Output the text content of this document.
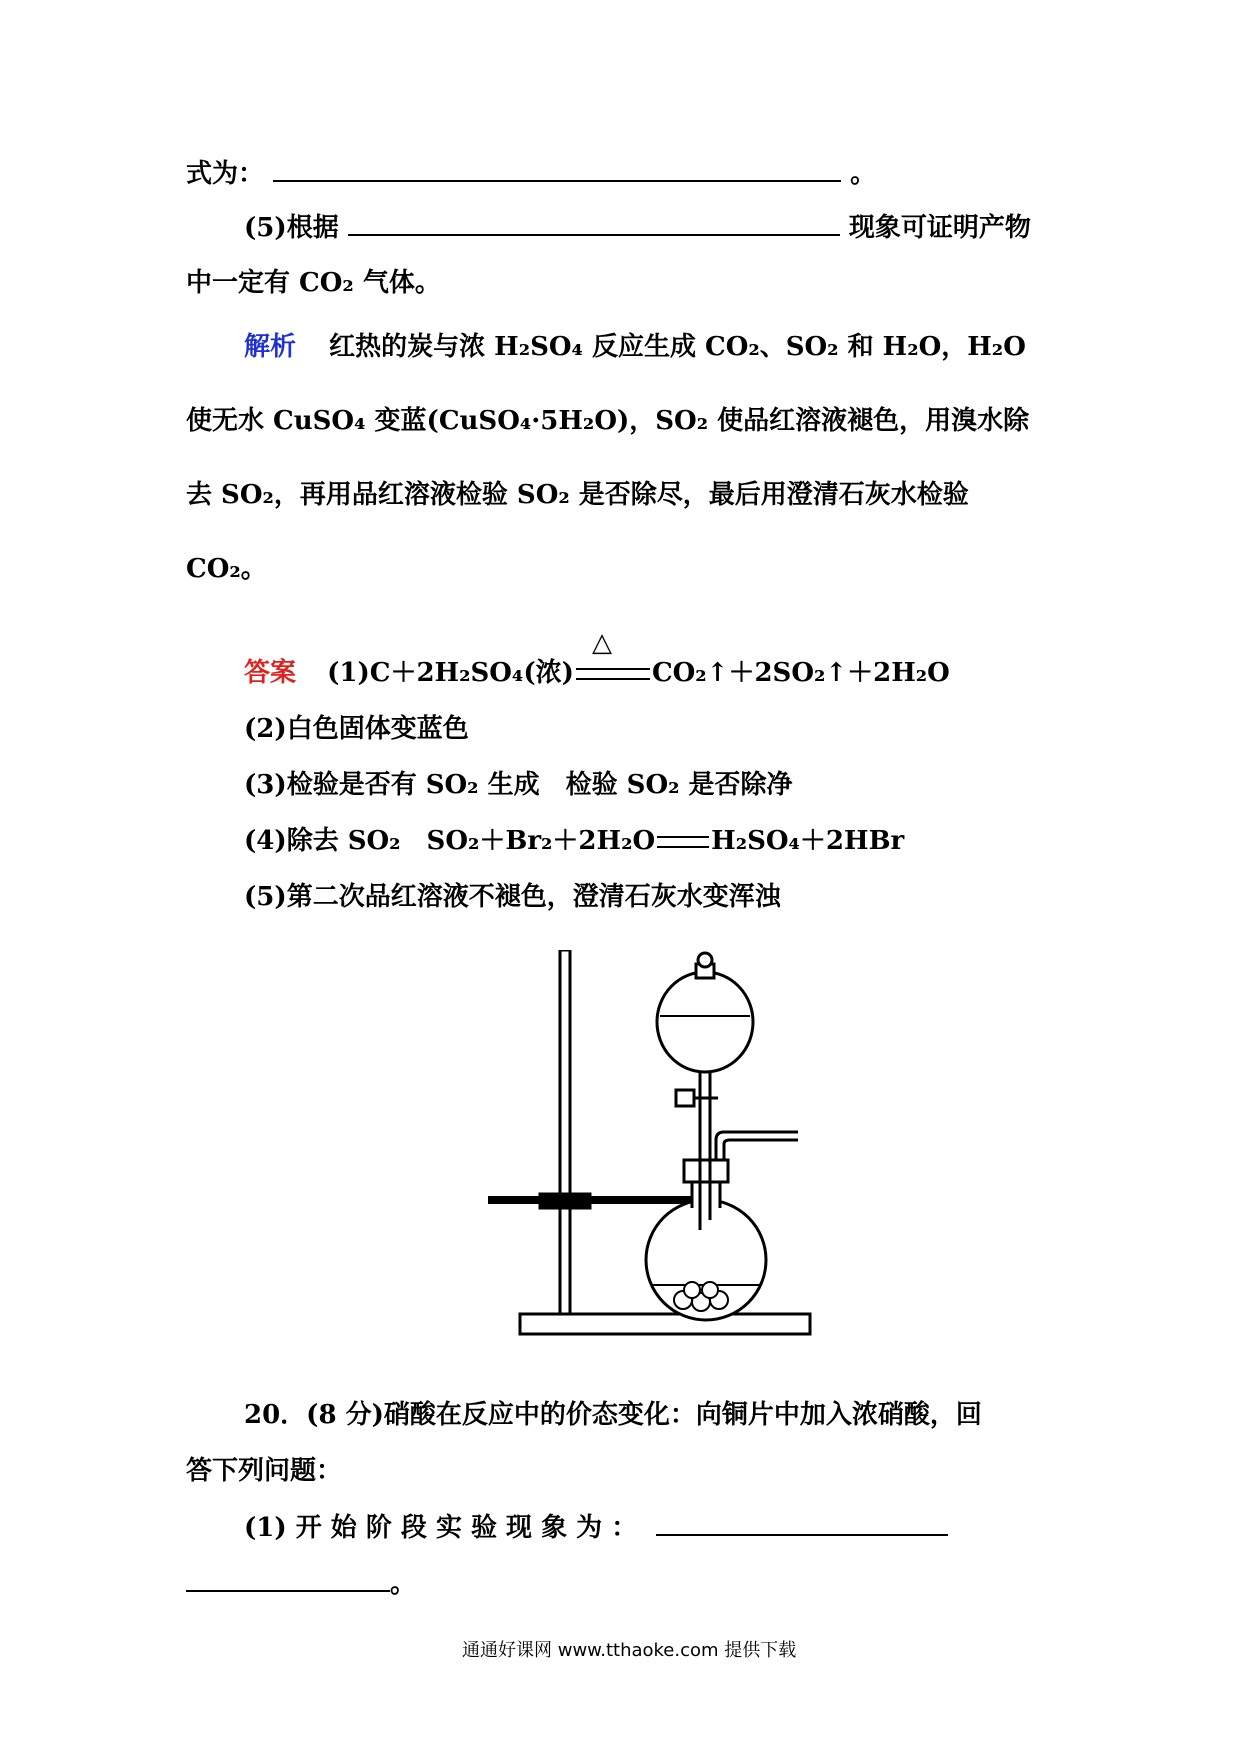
式为：	。
(5)根据	现象可证明产物
中一定有 CO₂ 气体。
解析 红热的炭与浓 H₂SO₄ 反应生成 CO₂、SO₂ 和 H₂O，H₂O
使无水 CuSO₄ 变蓝(CuSO₄·5H₂O)，SO₂ 使品红溶液褪色，用溴水除
去 SO₂，再用品红溶液检验 SO₂ 是否除尽，最后用澄清石灰水检验
CO₂。
△
答案 (1)C＋2H₂SO₄(浓)	CO₂↑＋2SO₂↑＋2H₂O
(2)白色固体变蓝色
(3)检验是否有 SO₂ 生成　检验 SO₂ 是否除净
(4)除去 SO₂　SO₂＋Br₂＋2H₂O H₂SO₄＋2HBr
(5)第二次品红溶液不褪色，澄清石灰水变浑浊
20．(8 分)硝酸在反应中的价态变化：向铜片中加入浓硝酸，回
答下列问题：
(1) 开 始 阶 段 实 验 现 象 为 ：
。
通通好课网 www.tthaoke.com 提供下载
